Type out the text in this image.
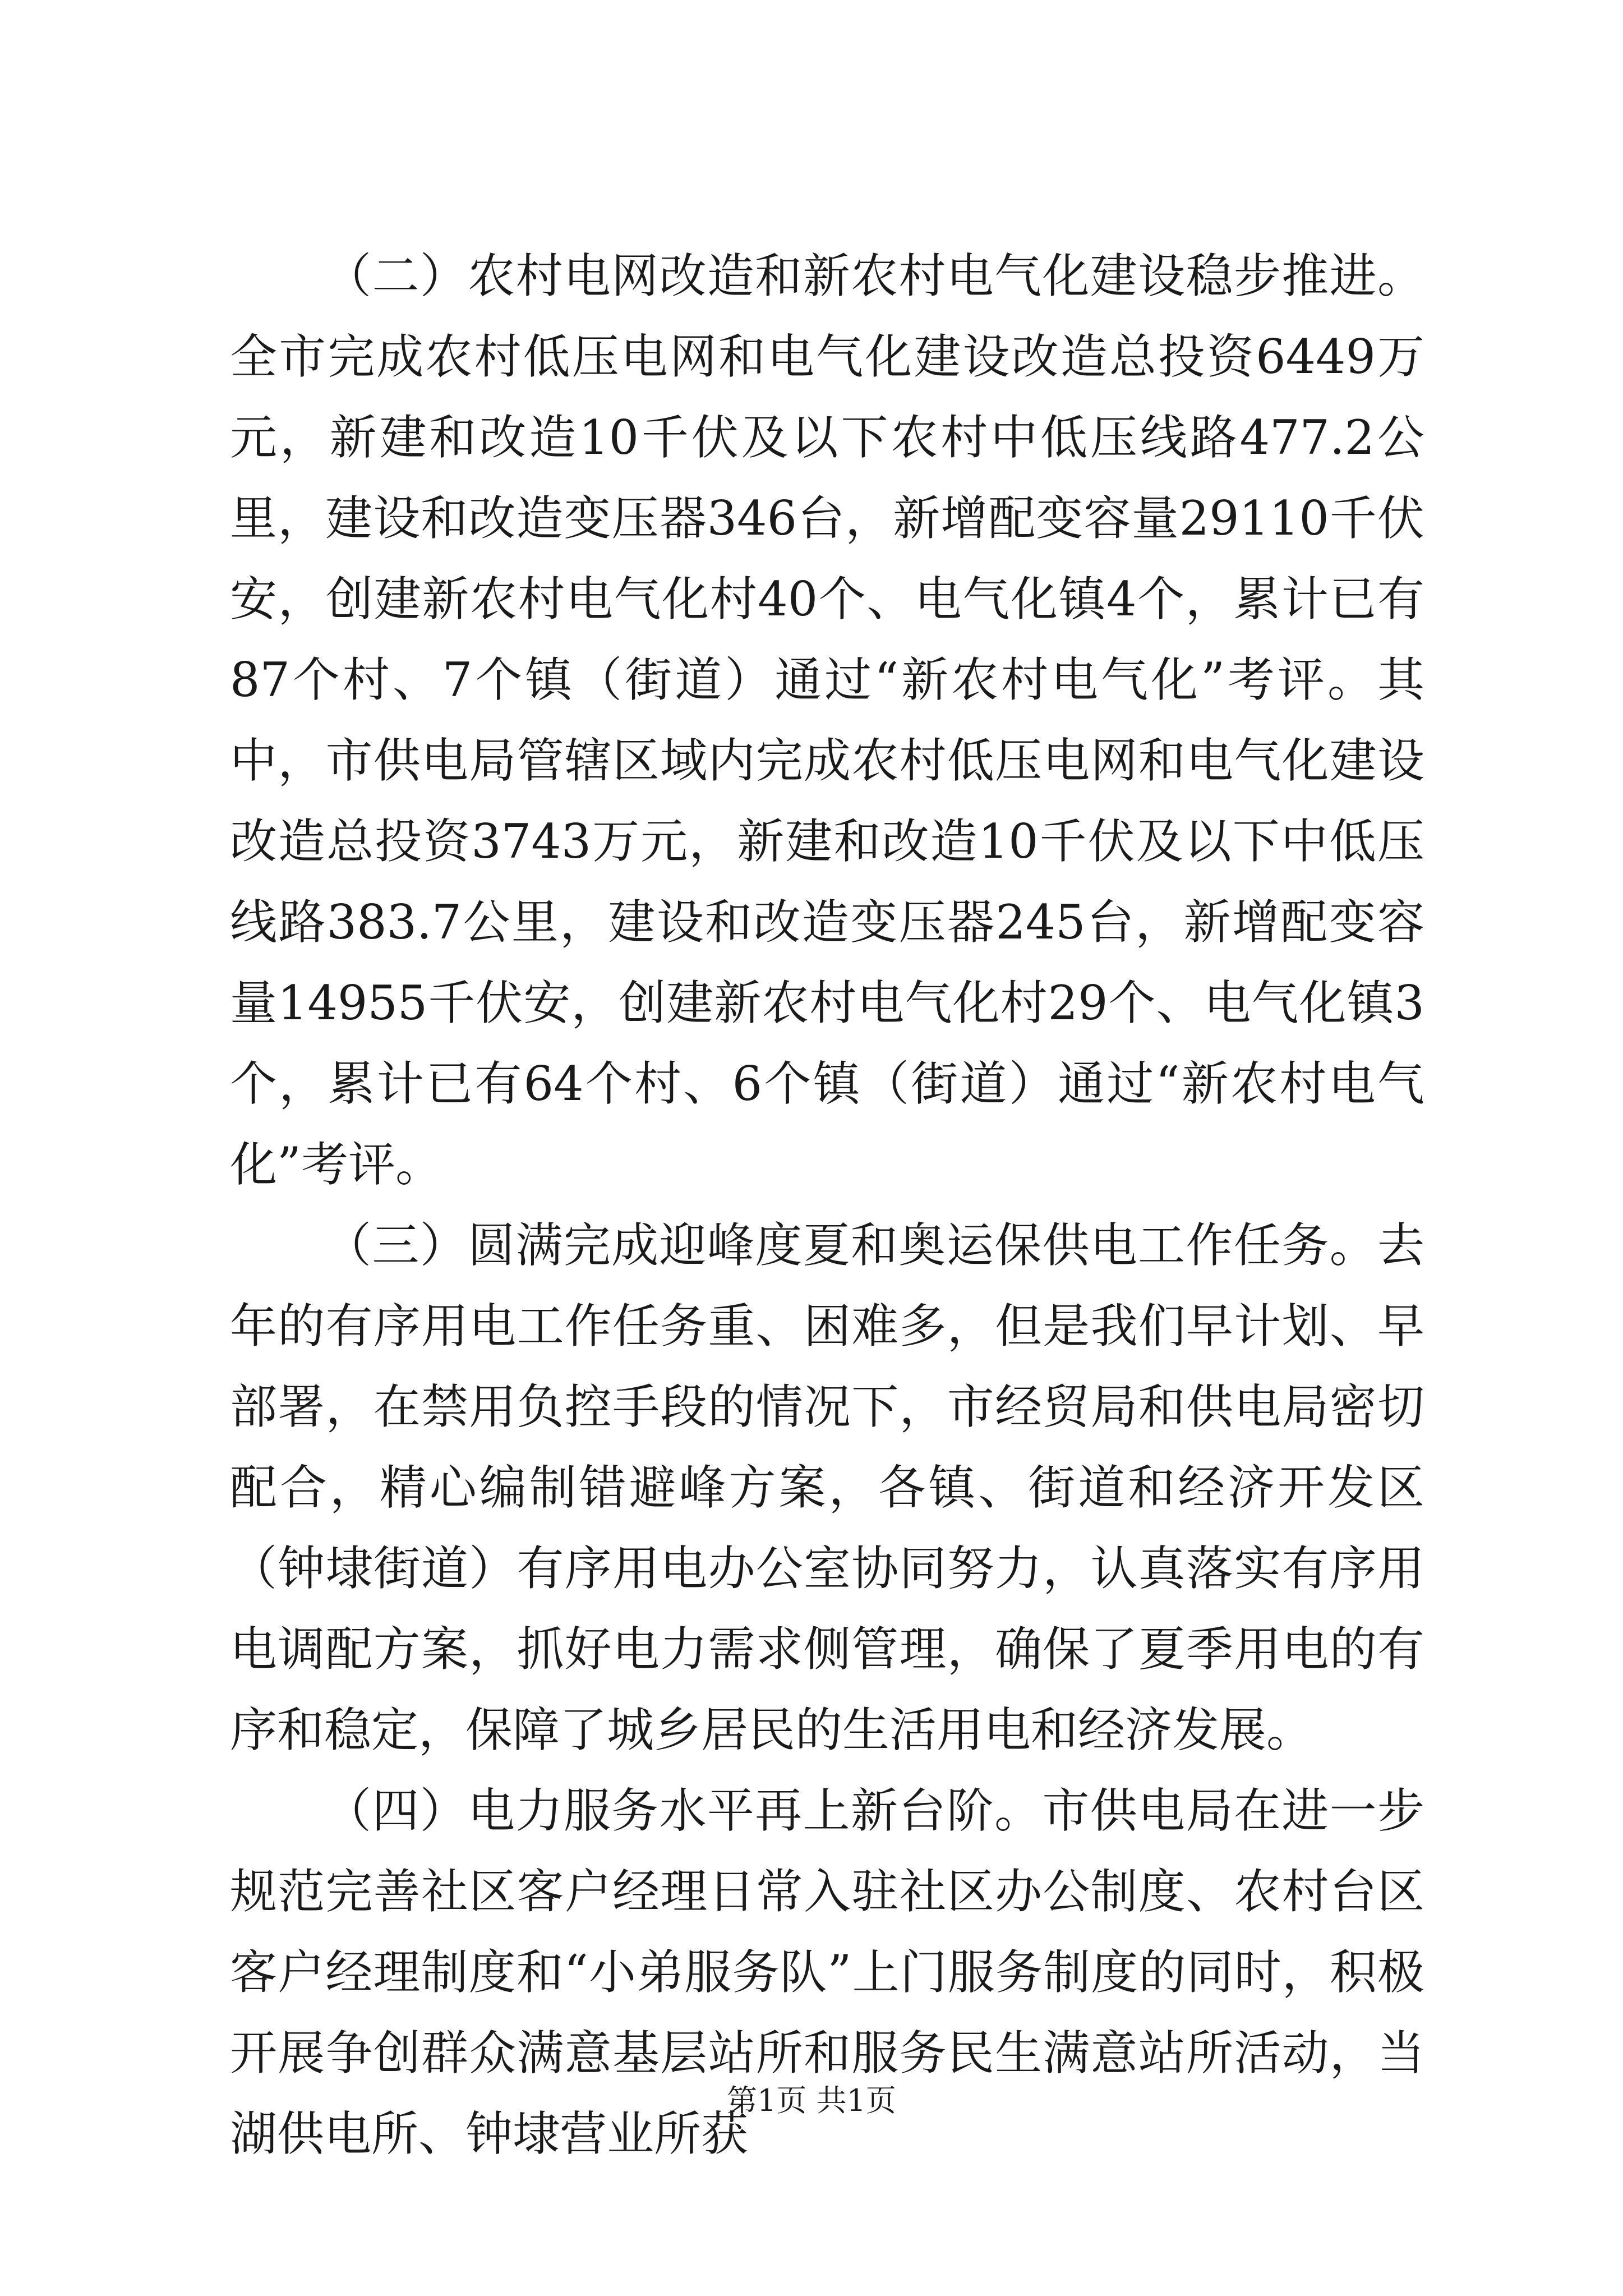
（二）农村电网改造和新农村电气化建设稳步推进。全市完成农村低压电网和电气化建设改造总投资6449万元，新建和改造10千伏及以下农村中低压线路477.2公里，建设和改造变压器346台，新增配变容量29110千伏安，创建新农村电气化村40个、电气化镇4个，累计已有87个村、7个镇（街道）通过“新农村电气化”考评。其中，市供电局管辖区域内完成农村低压电网和电气化建设改造总投资3743万元，新建和改造10千伏及以下中低压线路383.7公里，建设和改造变压器245台，新增配变容量14955千伏安，创建新农村电气化村29个、电气化镇3个，累计已有64个村、6个镇（街道）通过“新农村电气化”考评。

（三）圆满完成迎峰度夏和奥运保供电工作任务。去年的有序用电工作任务重、困难多，但是我们早计划、早部署，在禁用负控手段的情况下，市经贸局和供电局密切配合，精心编制错避峰方案，各镇、街道和经济开发区（钟埭街道）有序用电办公室协同努力，认真落实有序用电调配方案，抓好电力需求侧管理，确保了夏季用电的有序和稳定，保障了城乡居民的生活用电和经济发展。

（四）电力服务水平再上新台阶。市供电局在进一步规范完善社区客户经理日常入驻社区办公制度、农村台区客户经理制度和“小弟服务队”上门服务制度的同时，积极开展争创群众满意基层站所和服务民生满意站所活动，当湖供电所、钟埭营业所获

第1页 共1页
